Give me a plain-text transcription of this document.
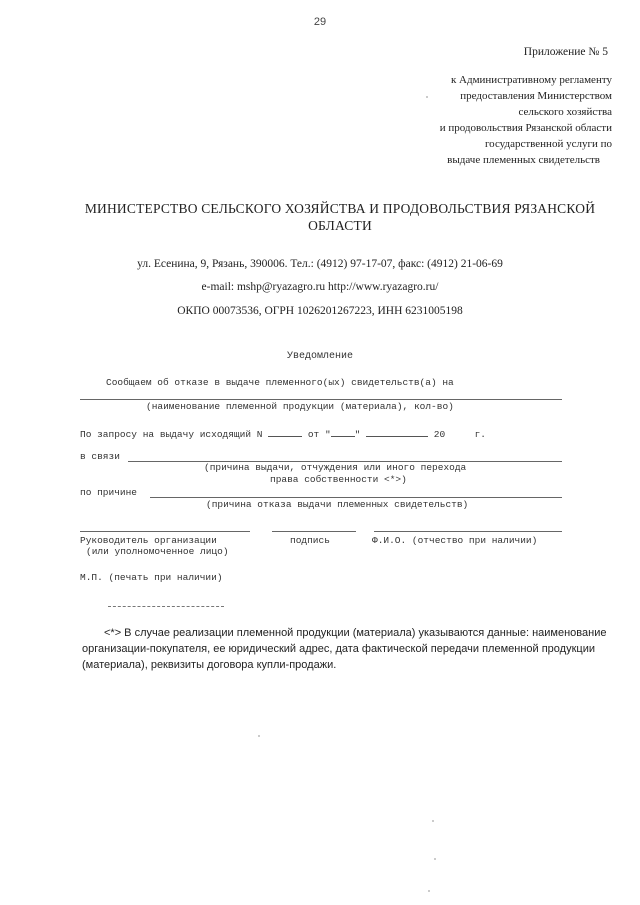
29
Приложение № 5
к Административному регламенту
предоставления Министерством
сельского хозяйства
и продовольствия Рязанской области
государственной услуги по
выдаче племенных свидетельств
МИНИСТЕРСТВО СЕЛЬСКОГО ХОЗЯЙСТВА И ПРОДОВОЛЬСТВИЯ РЯЗАНСКОЙ ОБЛАСТИ
ул. Есенина, 9, Рязань, 390006. Тел.: (4912) 97-17-07, факс: (4912) 21-06-69
e-mail: mshp@ryazagro.ru http://www.ryazagro.ru/
ОКПО 00073536, ОГРН 1026201267223, ИНН 6231005198
Уведомление
Сообщаем об отказе в выдаче племенного(ых) свидетельств(а) на
(наименование племенной продукции (материала), кол-во)
По запросу на выдачу исходящий N	от "	"	20	г.
в связи
(причина выдачи, отчуждения или иного перехода
права собственности <*>)
по причине
(причина отказа выдачи племенных свидетельств)
Руководитель организации	подпись	Ф.И.О. (отчество при наличии)
(или уполномоченное лицо)
М.П. (печать при наличии)
<*> В случае реализации племенной продукции (материала) указываются данные: наименование организации-покупателя, ее юридический адрес, дата фактической передачи племенной продукции (материала), реквизиты договора купли-продажи.
